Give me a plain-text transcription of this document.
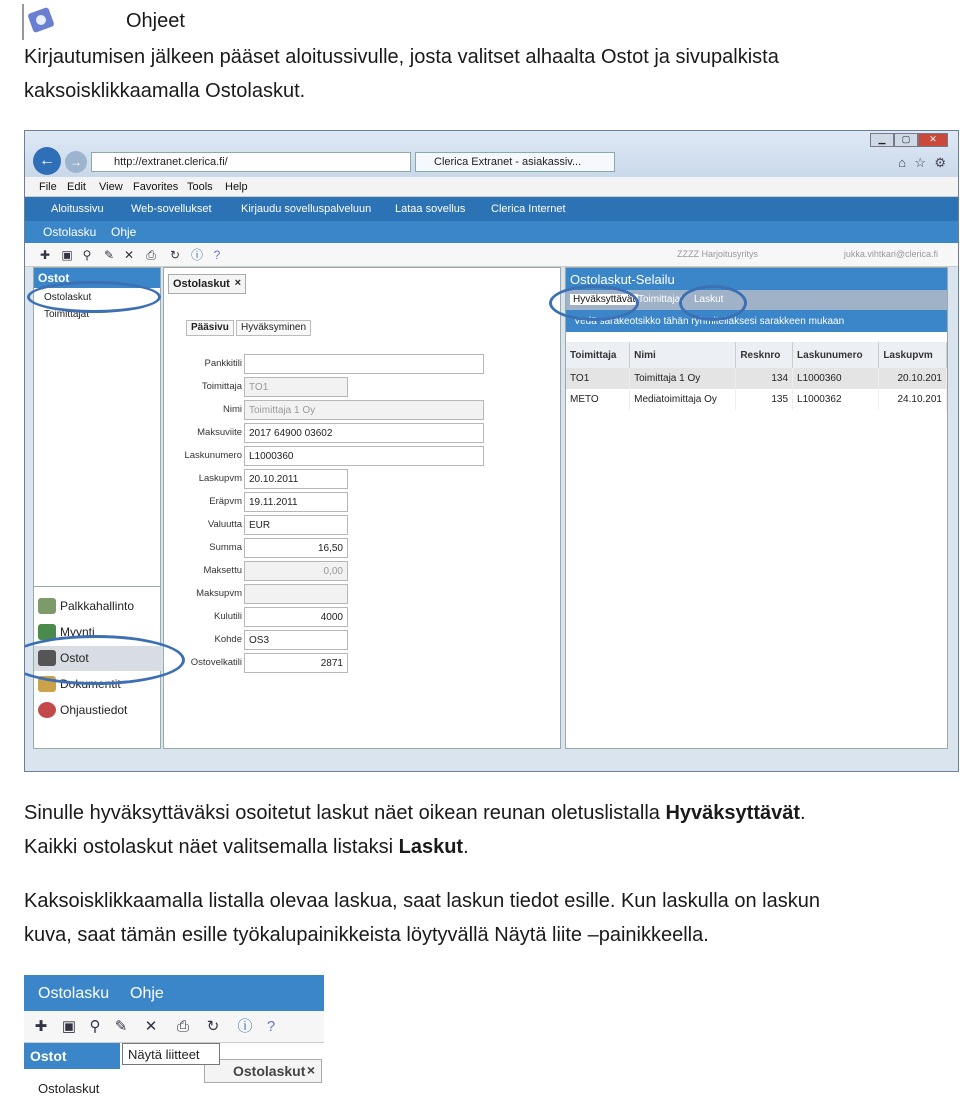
Ohjeet
Kirjautumisen jälkeen pääset aloitussivulle, josta valitset alhaalta Ostot ja sivupalkista
kaksoisklikkaamalla Ostolaskut.
←	→	http://extranet.clerica.fi/	Clerica Extranet - asiakassiv...
▁ ▢ ✕
⌂ ☆ ⚙
File Edit View Favorites Tools Help
Aloitussivu Web-sovellukset	Kirjaudu sovelluspalveluun Lataa sovellus Clerica Internet
Ostolasku Ohje
✚ ▣ ⚲	✎ ✕ ⎙ ↻ ⓘ ?	ZZZZ Harjoitusyritys	jukka.vihtkari@clerica.fi
Ostot
Ostolaskut
Toimittajat
Palkkahallinto
Myynti
Ostot
Dokumentit
Ohjaustiedot
Ostolaskut ×
Pääsivu	Hyväksyminen
Pankkitili
Toimittaja TO1
Nimi Toimittaja 1 Oy
Maksuviite 2017 64900 03602
Laskunumero L1000360
Laskupvm 20.10.2011
Eräpvm 19.11.2011
Valuutta EUR
Summa	16,50
Maksettu	0,00
Maksupvm
Kulutili	4000
Kohde OS3
Ostovelkatili	2871
Ostolaskut-Selailu
Hyväksyttävät Toimittajat Laskut
Vedä sarakeotsikko tähän ryhmitelläksesi sarakkeen mukaan
Toimittaja	Nimi	Resknro	Laskunumero	Laskupvm
TO1	Toimittaja 1 Oy	134	L1000360	20.10.201
METO	Mediatoimittaja Oy	135	L1000362	24.10.201
Sinulle hyväksyttäväksi osoitetut laskut näet oikean reunan oletuslistalla Hyväksyttävät.
Kaikki ostolaskut näet valitsemalla listaksi Laskut.
Kaksoisklikkaamalla listalla olevaa laskua, saat laskun tiedot esille. Kun laskulla on laskun
kuva, saat tämän esille työkalupainikkeista löytyvällä Näytä liite –painikkeella.
Ostolasku Ohje
✚ ▣ ⚲ ✎ ✕ ⎙ ↻ ⓘ ?
Ostot
Ostolaskut ×
Näytä liitteet
Ostolaskut
